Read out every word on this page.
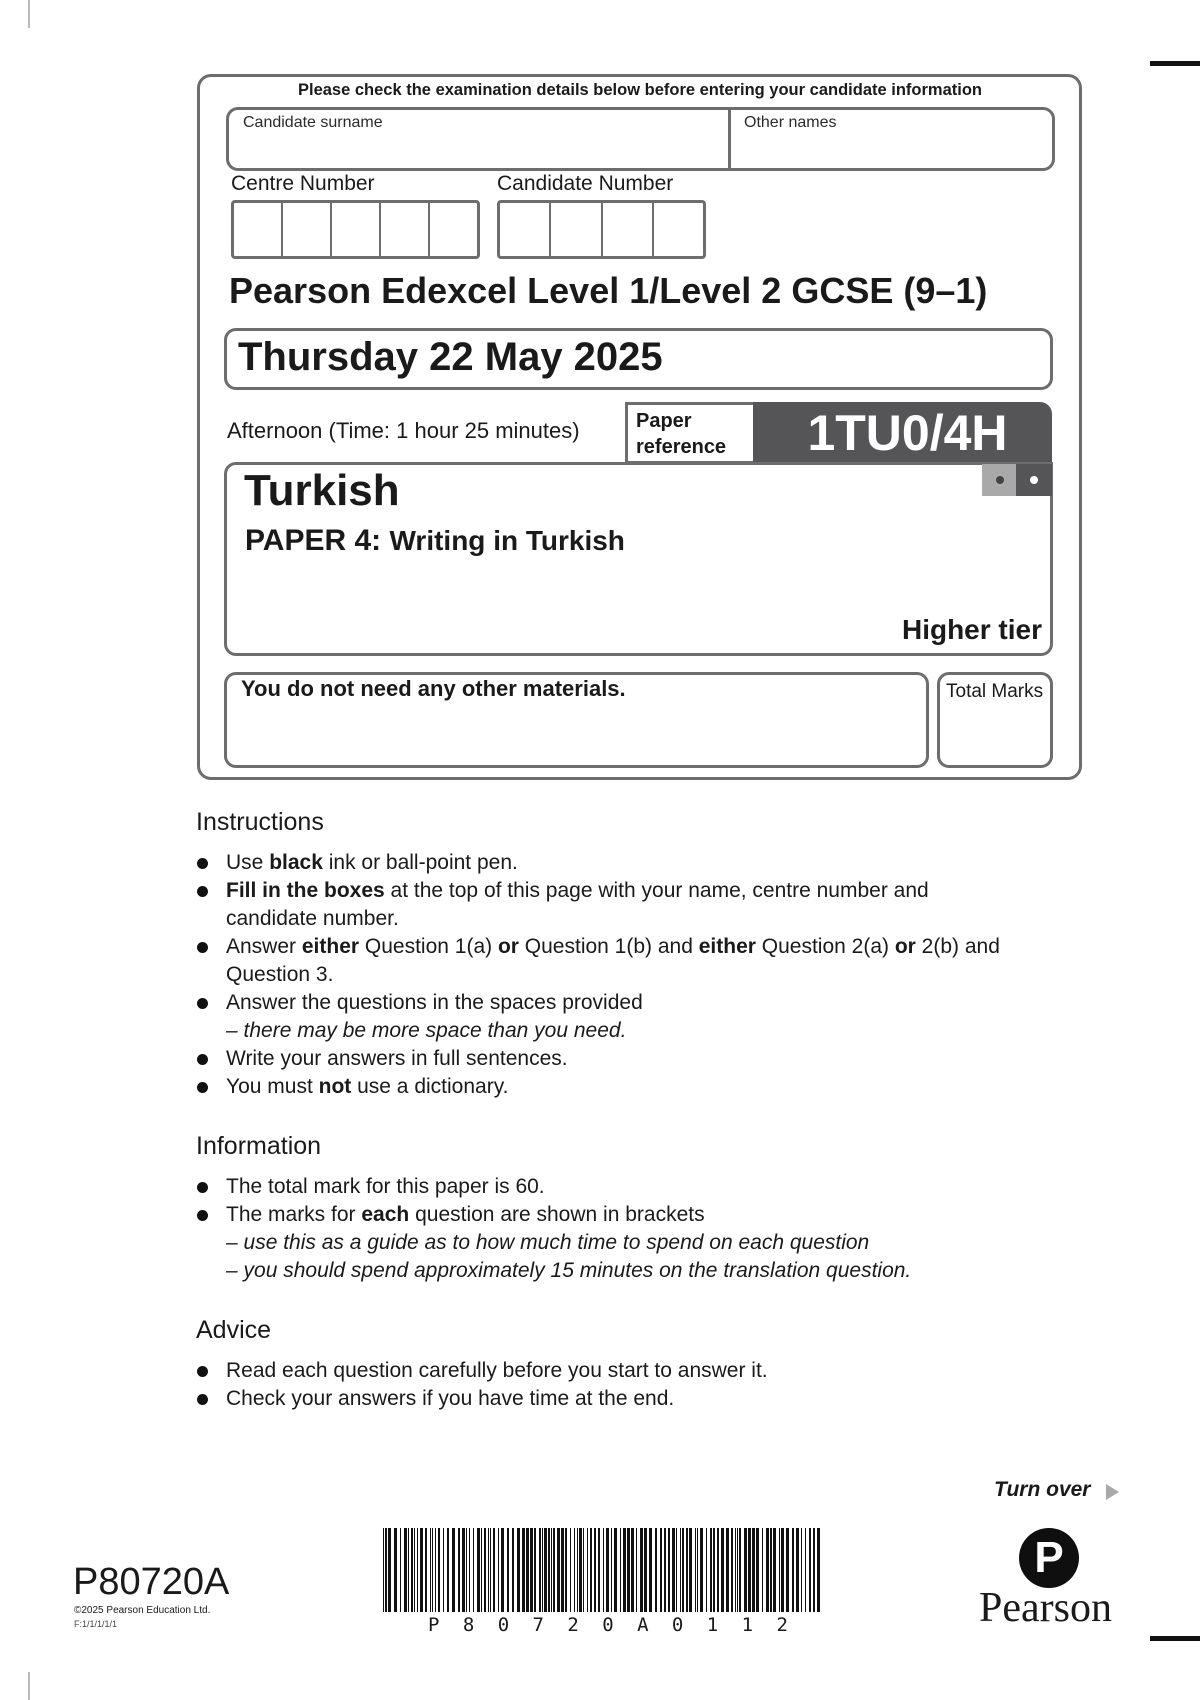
Please check the examination details below before entering your candidate information
Candidate surname	Other names
Centre Number	Candidate Number
Pearson Edexcel Level 1/Level 2 GCSE (9–1)
Thursday 22 May 2025
Afternoon (Time: 1 hour 25 minutes)	Paper
reference	1TU0/4H
Turkish
PAPER 4: Writing in Turkish
Higher tier
You do not need any other materials.	Total Marks
Instructions
Use black ink or ball-point pen.
Fill in the boxes at the top of this page with your name, centre number and candidate number.
Answer either Question 1(a) or Question 1(b) and either Question 2(a) or 2(b) and Question 3.
Answer the questions in the spaces provided
– there may be more space than you need.
Write your answers in full sentences.
You must not use a dictionary.
Information
The total mark for this paper is 60.
The marks for each question are shown in brackets
– use this as a guide as to how much time to spend on each question
– you should spend approximately 15 minutes on the translation question.
Advice
Read each question carefully before you start to answer it.
Check your answers if you have time at the end.
Turn over
P80720A
©2025 Pearson Education Ltd.
F:1/1/1/1/1	P 8 0 7 2 0 A 0 1 1 2
P
Pearson
